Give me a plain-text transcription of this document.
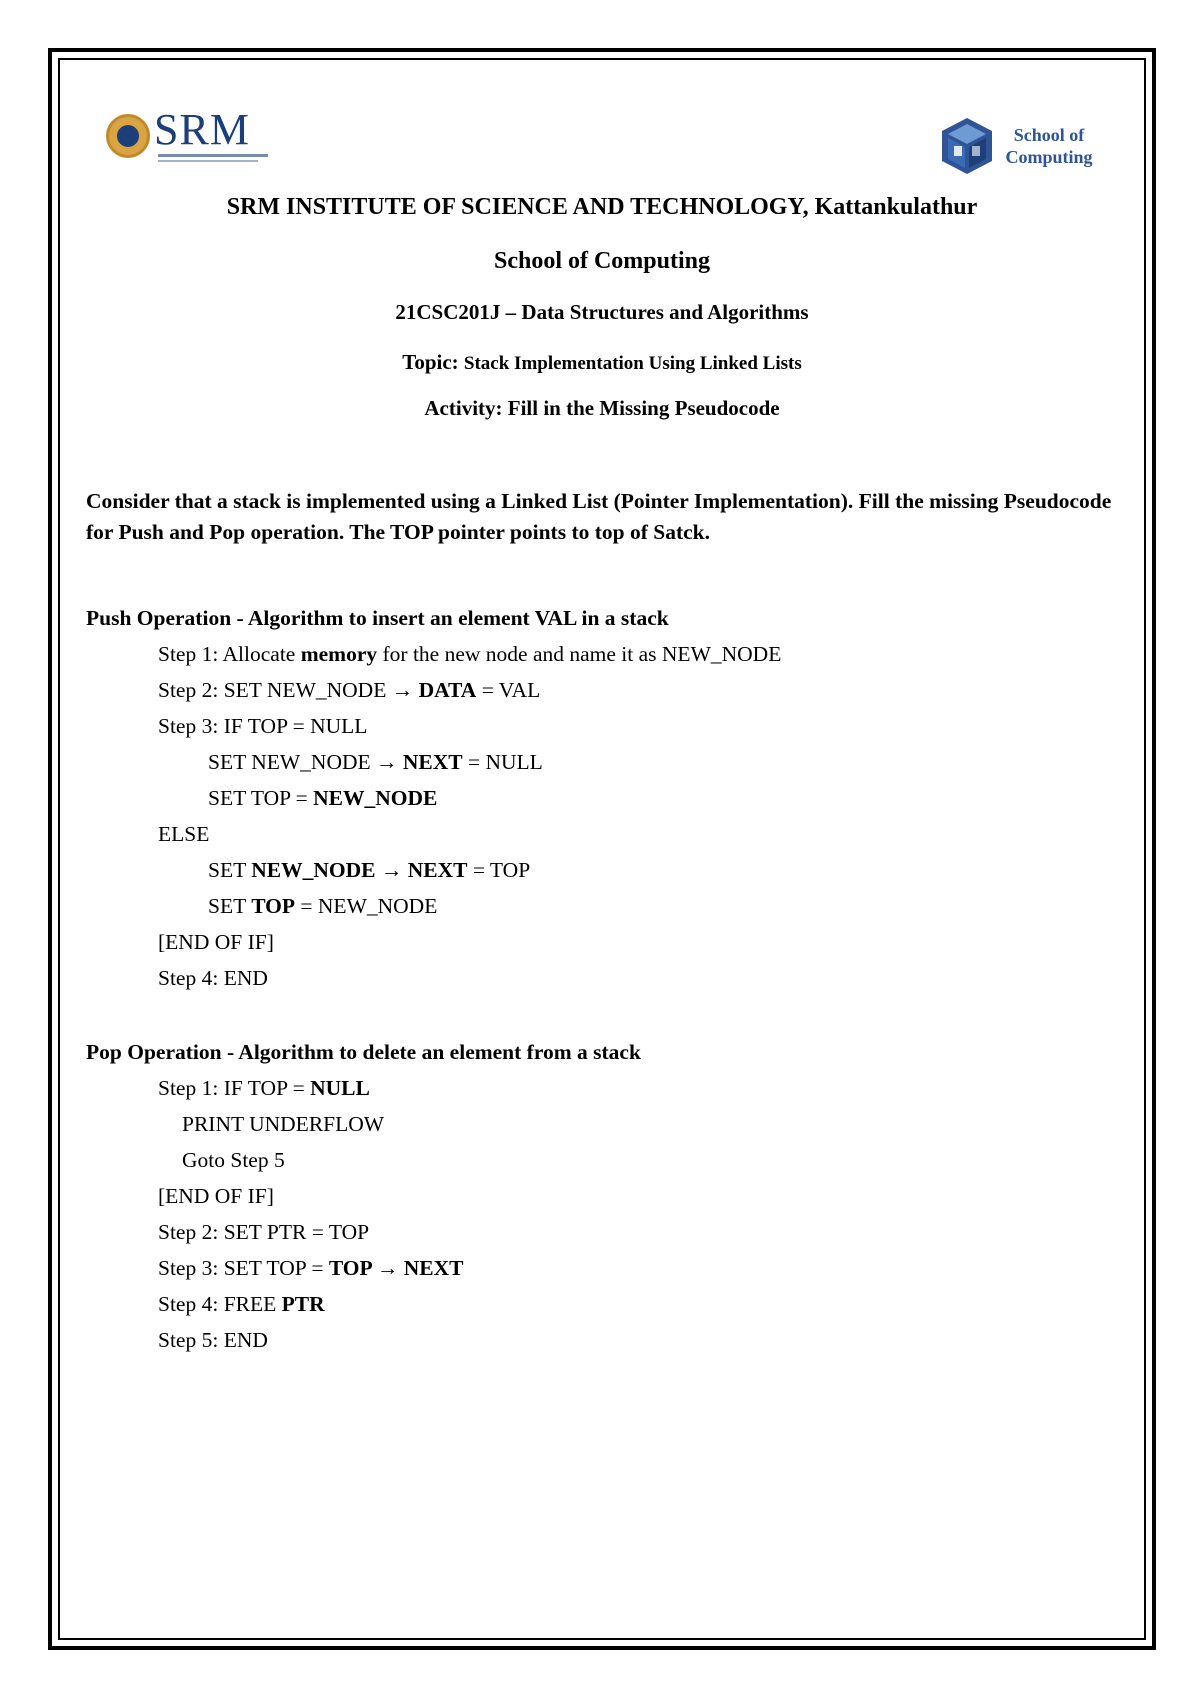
SRM	School of
Computing
SRM INSTITUTE OF SCIENCE AND TECHNOLOGY, Kattankulathur
School of Computing
21CSC201J – Data Structures and Algorithms
Topic: Stack Implementation Using Linked Lists
Activity: Fill in the Missing Pseudocode
Consider that a stack is implemented using a Linked List (Pointer Implementation). Fill the missing Pseudocode for Push and Pop operation. The TOP pointer points to top of Satck.
Push Operation - Algorithm to insert an element VAL in a stack
Step 1: Allocate memory for the new node and name it as NEW_NODE
Step 2: SET NEW_NODE → DATA = VAL
Step 3: IF TOP = NULL
SET NEW_NODE → NEXT = NULL
SET TOP = NEW_NODE
ELSE
SET NEW_NODE → NEXT = TOP
SET TOP = NEW_NODE
[END OF IF]
Step 4: END
Pop Operation - Algorithm to delete an element from a stack
Step 1: IF TOP = NULL
PRINT UNDERFLOW
Goto Step 5
[END OF IF]
Step 2: SET PTR = TOP
Step 3: SET TOP = TOP → NEXT
Step 4: FREE PTR
Step 5: END
